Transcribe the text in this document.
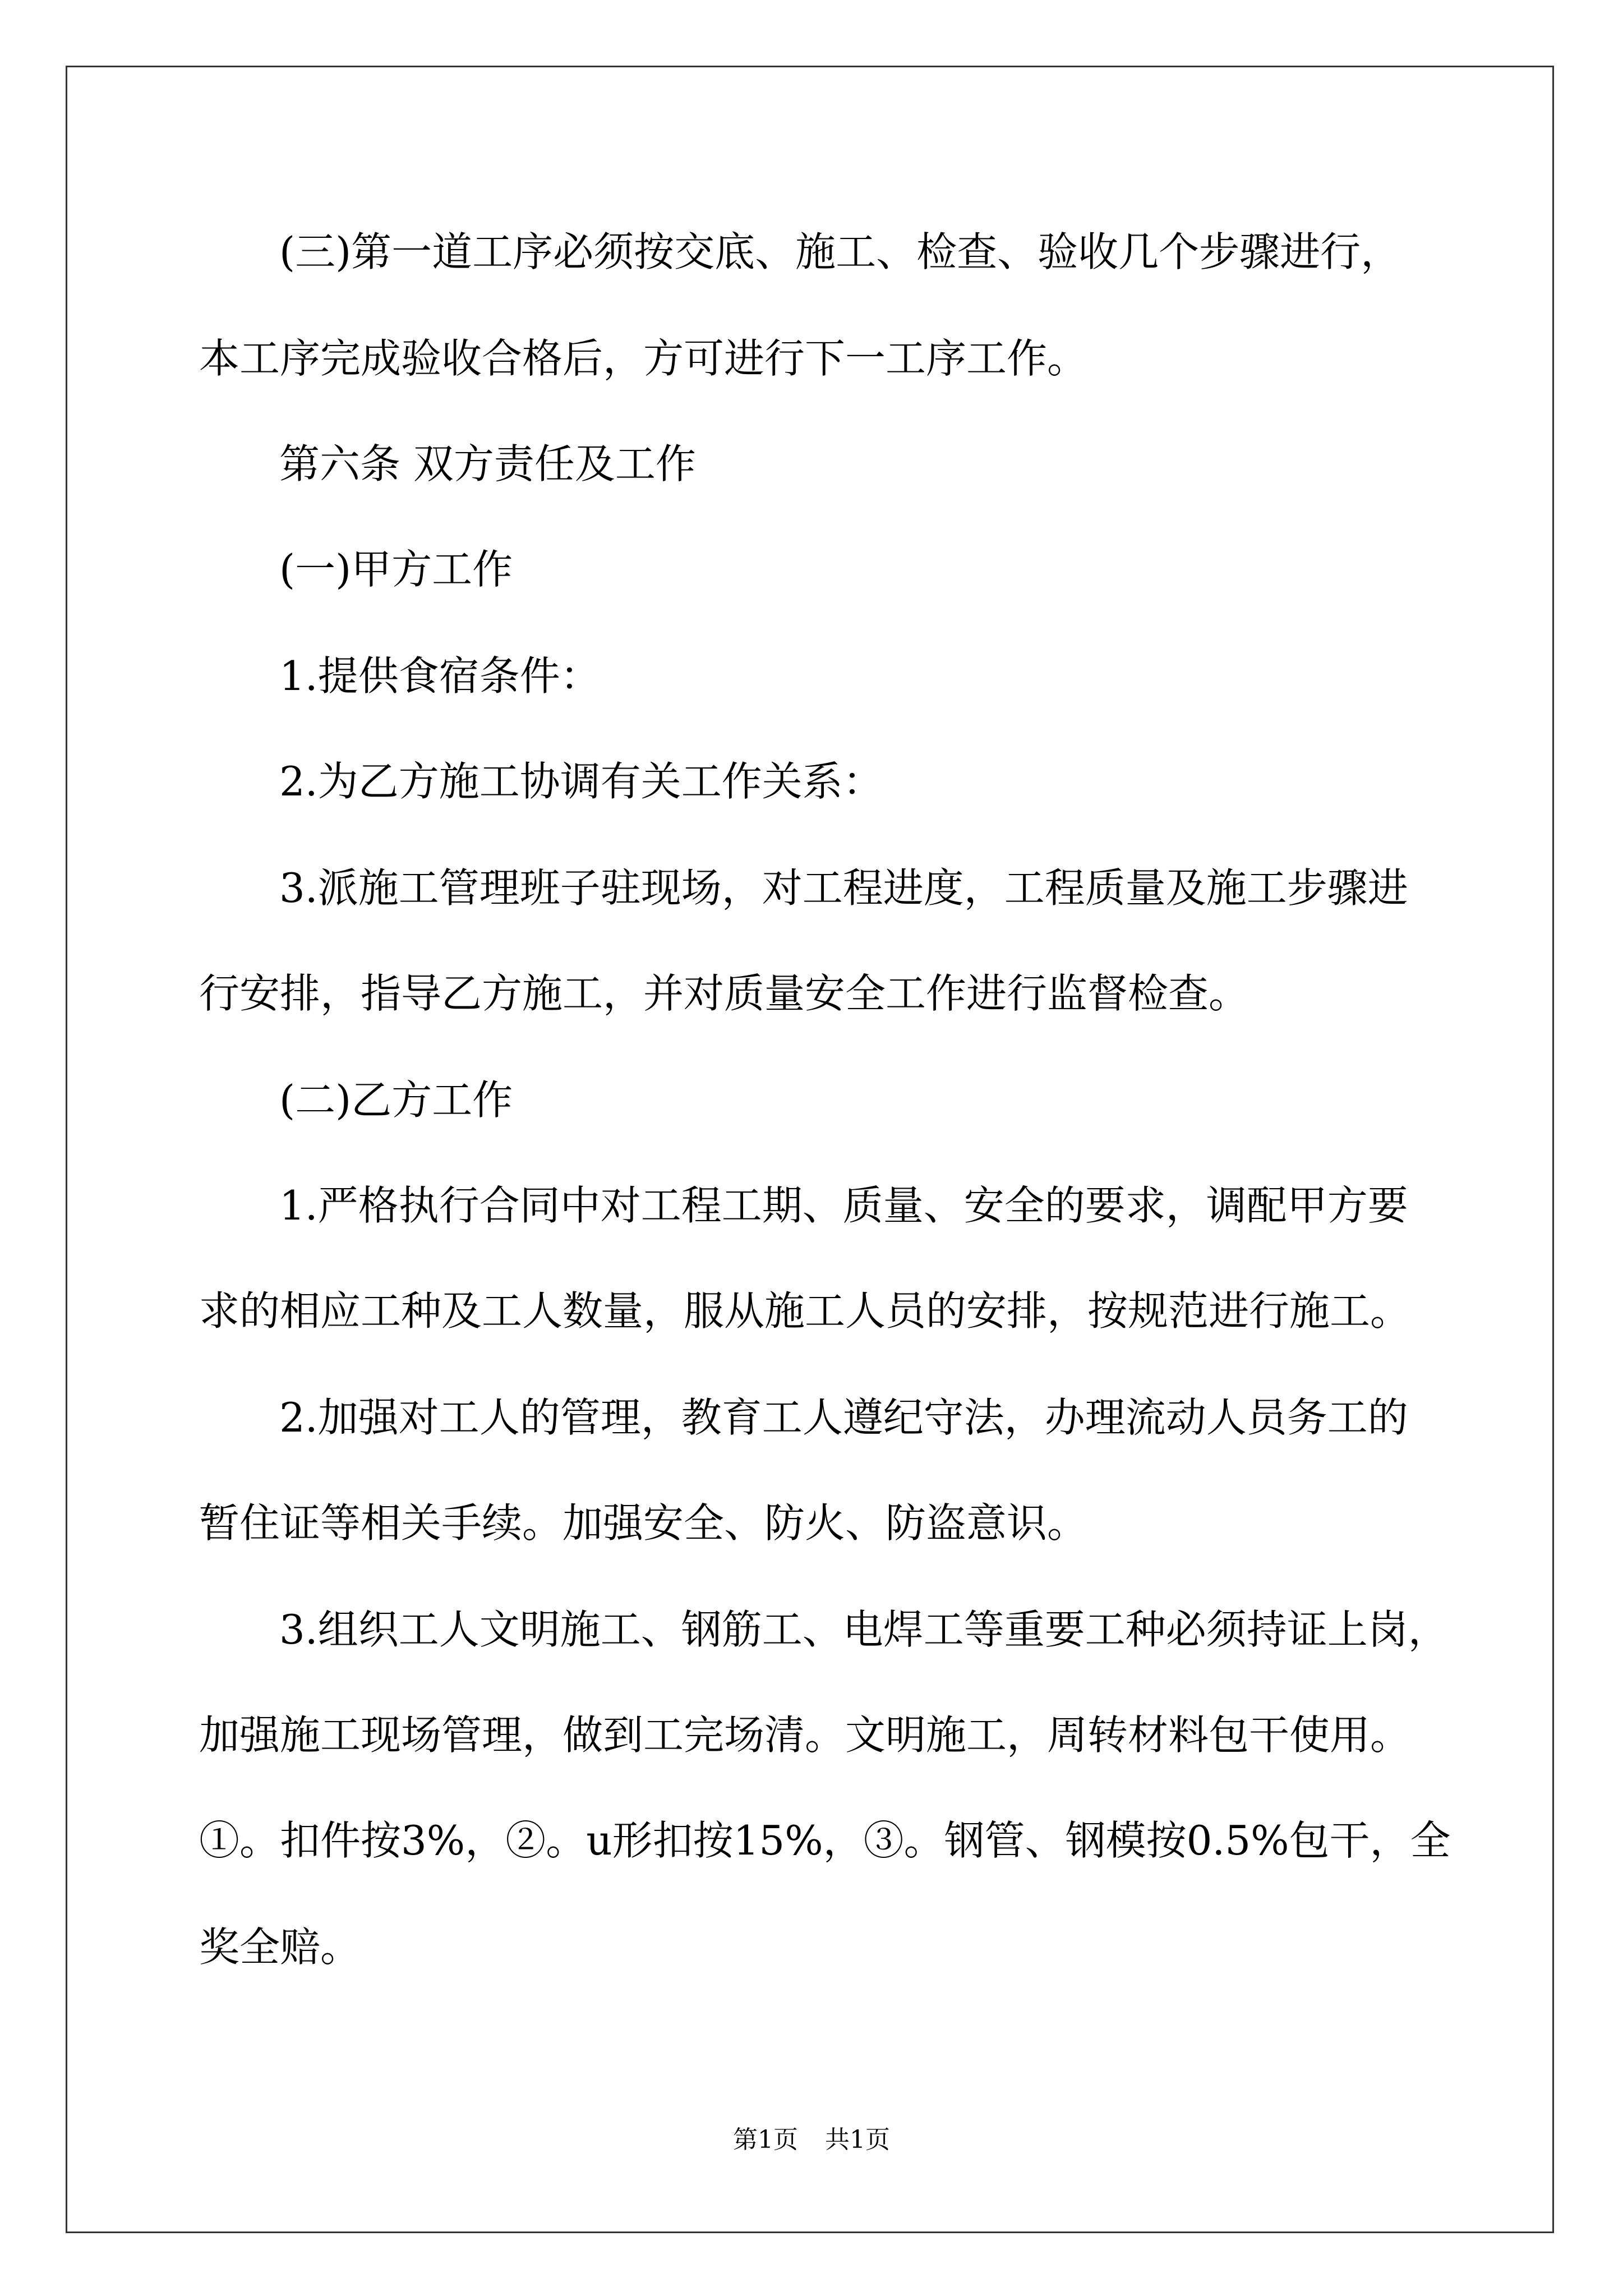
(三)第一道工序必须按交底、施工、检查、验收几个步骤进行，
本工序完成验收合格后，方可进行下一工序工作。
第六条 双方责任及工作
(一)甲方工作
1.提供食宿条件：
2.为乙方施工协调有关工作关系：
3.派施工管理班子驻现场，对工程进度，工程质量及施工步骤进
行安排，指导乙方施工，并对质量安全工作进行监督检查。
(二)乙方工作
1.严格执行合同中对工程工期、质量、安全的要求，调配甲方要
求的相应工种及工人数量，服从施工人员的安排，按规范进行施工。
2.加强对工人的管理，教育工人遵纪守法，办理流动人员务工的
暂住证等相关手续。加强安全、防火、防盗意识。
3.组织工人文明施工、钢筋工、电焊工等重要工种必须持证上岗，
加强施工现场管理，做到工完场清。文明施工，周转材料包干使用。
①。扣件按3%，②。u形扣按15%，③。钢管、钢模按0.5%包干，全
奖全赔。
第1页 共1页
